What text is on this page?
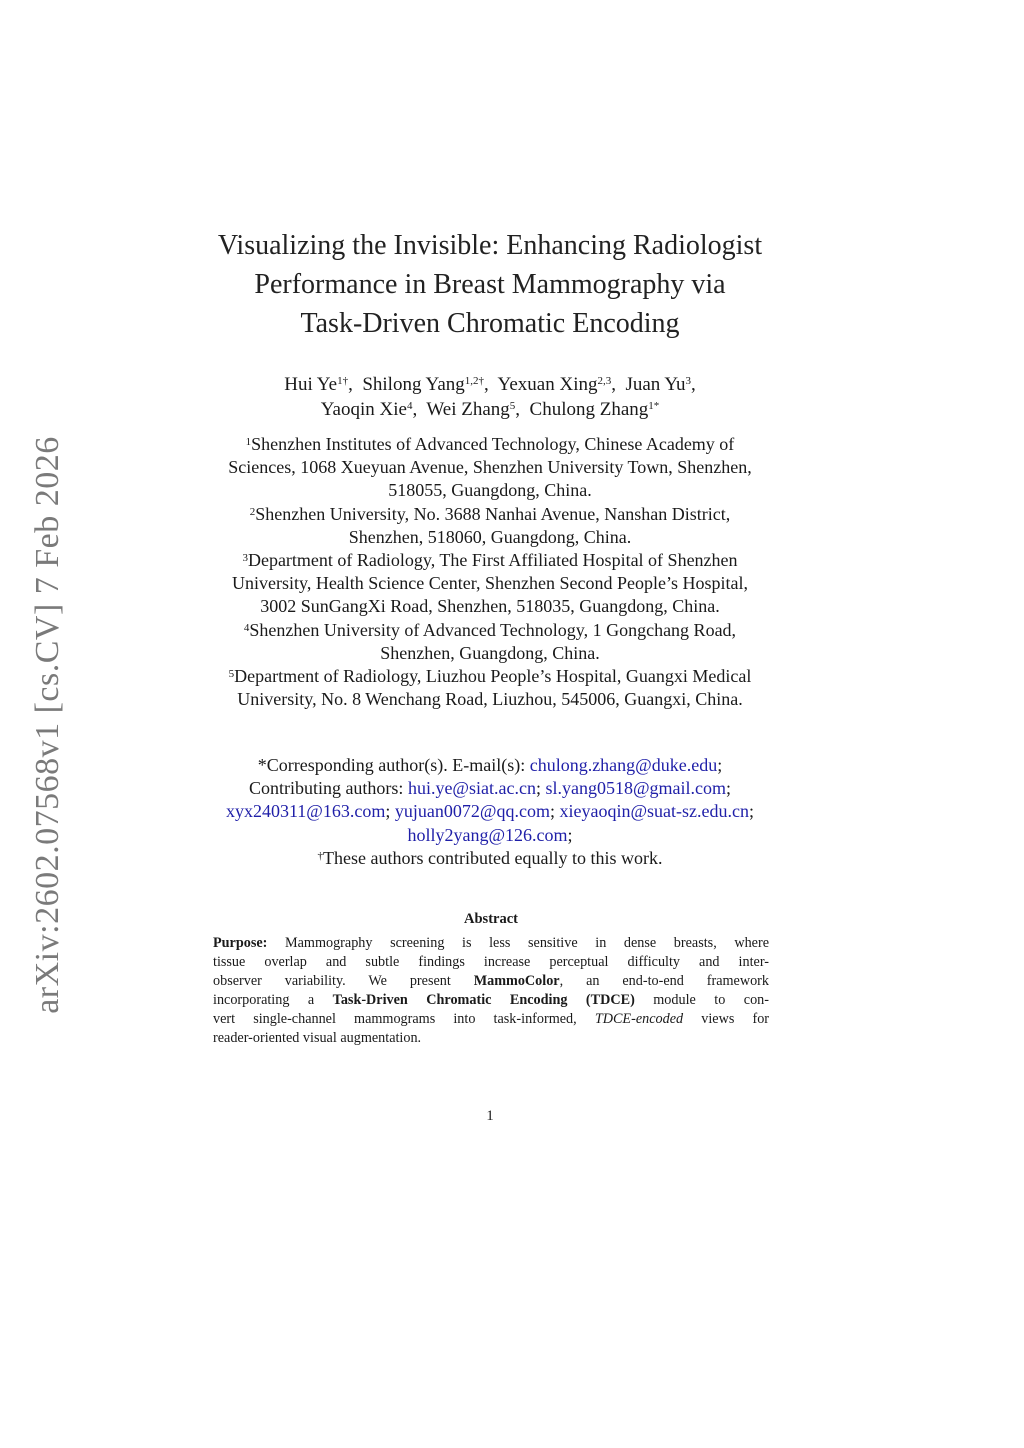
arXiv:2602.07568v1 [cs.CV] 7 Feb 2026
Visualizing the Invisible: Enhancing Radiologist
Performance in Breast Mammography via
Task-Driven Chromatic Encoding
Hui $Ye^{1\dagger}$,  Shilong Yang$^{1,2\dagger}$,  Yexuan Xing$^{2,3}$,  Juan Yu$^3$,
Yaoqin Xie$^4$,  Wei Zhang$^5$,  Chulong Zhang$^{1*}$
$^1$Shenzhen Institutes of Advanced Technology, Chinese Academy of
Sciences, 1068 Xueyuan Avenue, Shenzhen University Town, Shenzhen,
518055, Guangdong, China.
$^2$Shenzhen University, No. 3688 Nanhai Avenue, Nanshan District,
Shenzhen, 518060, Guangdong, China.
$^3$Department of Radiology, The First Affiliated Hospital of Shenzhen
University, Health Science Center, Shenzhen Second People’s Hospital,
3002 SunGangXi Road, Shenzhen, 518035, Guangdong, China.
$^4$Shenzhen University of Advanced Technology, 1 Gongchang Road,
Shenzhen, Guangdong, China.
$^5$Department of Radiology, Liuzhou People’s Hospital, Guangxi Medical
University, No. 8 Wenchang Road, Liuzhou, 545006, Guangxi, China.
*Corresponding author(s). E-mail(s): chulong.zhang@duke.edu;
Contributing authors: hui.ye@siat.ac.cn; sl.yang0518@gmail.com;
xyx240311@163.com; yujuan0072@qq.com; xieyaoqin@suat-sz.edu.cn;
holly2yang@126.com;
†These authors contributed equally to this work.
Abstract
Purpose: Mammography screening is less sensitive in dense breasts, where
tissue overlap and subtle findings increase perceptual difficulty and inter-
observer variability. We present MammoColor, an end-to-end framework
incorporating a Task-Driven Chromatic Encoding (TDCE) module to con-
vert single-channel mammograms into task-informed, TDCE-encoded views for
reader-oriented visual augmentation.
1
